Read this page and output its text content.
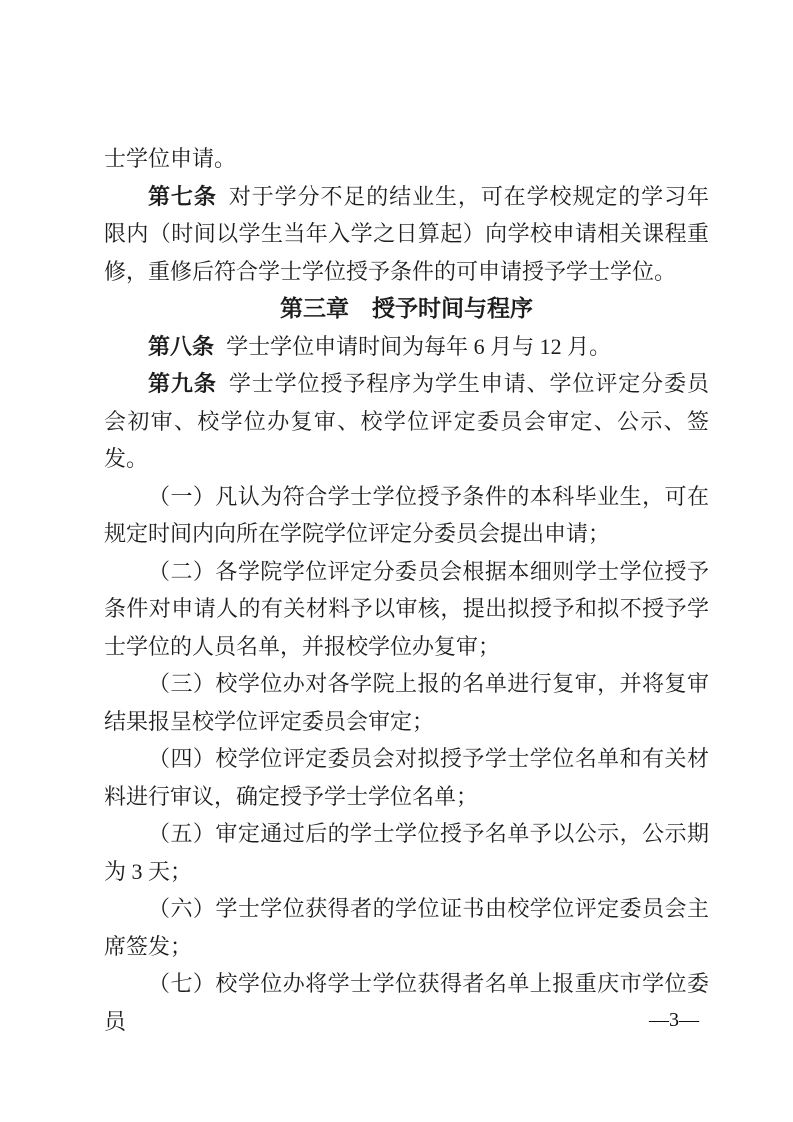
士学位申请。

第七条 对于学分不足的结业生，可在学校规定的学习年限内（时间以学生当年入学之日算起）向学校申请相关课程重修，重修后符合学士学位授予条件的可申请授予学士学位。

第三章　授予时间与程序

第八条 学士学位申请时间为每年 6 月与 12 月。

第九条 学士学位授予程序为学生申请、学位评定分委员会初审、校学位办复审、校学位评定委员会审定、公示、签发。

（一）凡认为符合学士学位授予条件的本科毕业生，可在规定时间内向所在学院学位评定分委员会提出申请；

（二）各学院学位评定分委员会根据本细则学士学位授予条件对申请人的有关材料予以审核，提出拟授予和拟不授予学士学位的人员名单，并报校学位办复审；

（三）校学位办对各学院上报的名单进行复审，并将复审结果报呈校学位评定委员会审定；

（四）校学位评定委员会对拟授予学士学位名单和有关材料进行审议，确定授予学士学位名单；

（五）审定通过后的学士学位授予名单予以公示，公示期为 3 天；

（六）学士学位获得者的学位证书由校学位评定委员会主席签发；

（七）校学位办将学士学位获得者名单上报重庆市学位委员	—3—
